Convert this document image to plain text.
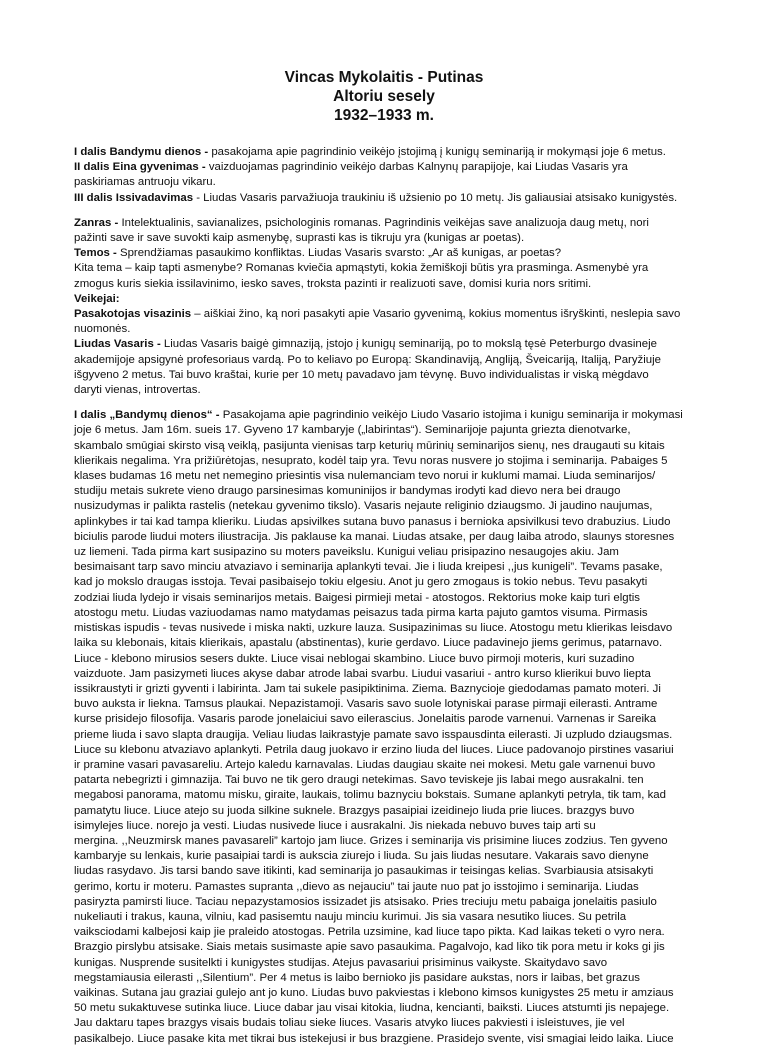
Vincas Mykolaitis - Putinas
Altoriu sesely
1932–1933 m.
I dalis Bandymu dienos - pasakojama apie pagrindinio veikėjo įstojimą į kunigų seminariją ir mokymąsi joje 6 metus.
II dalis Eina gyvenimas - vaizduojamas pagrindinio veikėjo darbas Kalnynų parapijoje, kai Liudas Vasaris yra
paskiriamas antruoju vikaru.
III dalis Issivadavimas - Liudas Vasaris parvažiuoja traukiniu iš užsienio po 10 metų. Jis galiausiai atsisako kunigystės.
Zanras - Intelektualinis, savianalizes, psichologinis romanas. Pagrindinis veikėjas save analizuoja daug metų, nori
pažinti save ir save suvokti kaip asmenybę, suprasti kas is tikruju yra (kunigas ar poetas).
Temos - Sprendžiamas pasaukimo konfliktas. Liudas Vasaris svarsto: „Ar aš kunigas, ar poetas?
Kita tema – kaip tapti asmenybe? Romanas kviečia apmąstyti, kokia žemiškoji būtis yra prasminga. Asmenybė yra
zmogus kuris siekia issilavinimo, iesko saves, troksta pazinti ir realizuoti save, domisi kuria nors sritimi.
Veikejai:
Pasakotojas visazinis – aiškiai žino, ką nori pasakyti apie Vasario gyvenimą, kokius momentus išryškinti, neslepia savo
nuomonės.
Liudas Vasaris - Liudas Vasaris baigė gimnaziją, įstojo į kunigų seminariją, po to mokslą tęsė Peterburgo dvasineje
akademijoje apsigynė profesoriaus vardą. Po to keliavo po Europą: Skandinaviją, Angliją, Šveicariją, Italiją, Paryžiuje
išgyveno 2 metus. Tai buvo kraštai, kurie per 10 metų pavadavo jam tėvynę. Buvo individualistas ir viską mėgdavo
daryti vienas, introvertas.
I dalis „Bandymų dienos“ - Pasakojama apie pagrindinio veikėjo Liudo Vasario istojima i kunigu seminarija ir mokymasi
joje 6 metus. Jam 16m. sueis 17. Gyveno 17 kambaryje („labirintas“). Seminarijoje pajunta griezta dienotvarke,
skambalo smūgiai skirsto visą veiklą, pasijunta vienisas tarp keturių mūrinių seminarijos sienų, nes draugauti su kitais
klierikais negalima. Yra prižiūrėtojas, nesuprato, kodėl taip yra. Tevu noras nusvere jo stojima i seminarija. Pabaiges 5
klases budamas 16 metu net nemegino priesintis visa nulemanciam tevo norui ir kuklumi mamai. Liuda seminarijos/
studiju metais sukrete vieno draugo parsinesimas komuninijos ir bandymas irodyti kad dievo nera bei draugo
nusizudymas ir palikta rastelis (netekau gyvenimo tikslo). Vasaris nejaute religinio dziaugsmo. Ji jaudino naujumas,
aplinkybes ir tai kad tampa klieriku. Liudas apsivilkes sutana buvo panasus i bernioka apsivilkusi tevo drabuzius. Liudo
biciulis parode liudui moters iliustracija. Jis paklause ka manai. Liudas atsake, per daug laiba atrodo, slaunys storesnes
uz liemeni. Tada pirma kart susipazino su moters paveikslu. Kunigui veliau prisipazino nesaugojes akiu. Jam
besimaisant tarp savo minciu atvaziavo i seminarija aplankyti tevai. Jie i liuda kreipesi ,,jus kunigeli”. Tevams pasake,
kad jo mokslo draugas isstoja. Tevai pasibaisejo tokiu elgesiu. Anot ju gero zmogaus is tokio nebus. Tevu pasakyti
zodziai liuda lydejo ir visais seminarijos metais. Baigesi pirmieji metai - atostogos. Rektorius moke kaip turi elgtis
atostogu metu. Liudas vaziuodamas namo matydamas peisazus tada pirma karta pajuto gamtos visuma. Pirmasis
mistiskas ispudis - tevas nusivede i miska nakti, uzkure lauza. Susipazinimas su liuce. Atostogu metu klierikas leisdavo
laika su klebonais, kitais klierikais, apastalu (abstinentas), kurie gerdavo. Liuce padavinejo jiems gerimus, patarnavo.
Liuce - klebono mirusios sesers dukte. Liuce visai neblogai skambino. Liuce buvo pirmoji moteris, kuri suzadino
vaizduote. Jam pasizymeti liuces akyse dabar atrode labai svarbu. Liudui vasariui - antro kurso klierikui buvo liepta
issikraustyti ir grizti gyventi i labirinta. Jam tai sukele pasipiktinima. Ziema. Baznycioje giedodamas pamato moteri. Ji
buvo auksta ir liekna. Tamsus plaukai. Nepazistamoji. Vasaris savo suole lotyniskai parase pirmaji eilerasti. Antrame
kurse prisidejo filosofija. Vasaris parode jonelaiciui savo eilerascius. Jonelaitis parode varnenui. Varnenas ir Sareika
prieme liuda i savo slapta draugija. Veliau liudas laikrastyje pamate savo isspausdinta eilerasti. Ji uzpludo dziaugsmas.
Liuce su klebonu atvaziavo aplankyti. Petrila daug juokavo ir erzino liuda del liuces. Liuce padovanojo pirstines vasariui
ir pramine vasari pavasareliu. Artejo kaledu karnavalas. Liudas daugiau skaite nei mokesi. Metu gale varnenui buvo
patarta nebegrizti i gimnazija. Tai buvo ne tik gero draugi netekimas. Savo teviskeje jis labai mego ausrakalni. ten
megabosi panorama, matomu misku, giraite, laukais, tolimu baznyciu bokstais. Sumane aplankyti petryla, tik tam, kad
pamatytu liuce. Liuce atejo su juoda silkine suknele. Brazgys pasaipiai izeidinejo liuda prie liuces. brazgys buvo
isimylejes liuce. norejo ja vesti. Liudas nusivede liuce i ausrakalni. Jis niekada nebuvo buves taip arti su
mergina. ,,Neuzmirsk manes pavasareli” kartojo jam liuce. Grizes i seminarija vis prisimine liuces zodzius. Ten gyveno
kambaryje su lenkais, kurie pasaipiai tardi is aukscia ziurejo i liuda. Su jais liudas nesutare. Vakarais savo dienyne
liudas rasydavo. Jis tarsi bando save itikinti, kad seminarija jo pasaukimas ir teisingas kelias. Svarbiausia atsisakyti
gerimo, kortu ir moteru. Pamastes supranta ,,dievo as nejauciu” tai jaute nuo pat jo isstojimo i seminarija. Liudas
pasiryzta pamirsti liuce. Taciau nepazystamosios issizadet jis atsisako. Pries treciuju metu pabaiga jonelaitis pasiulo
nukeliauti i trakus, kauna, vilniu, kad pasisemtu nauju minciu kurimui. Jis sia vasara nesutiko liuces. Su petrila
vaiksciodami kalbejosi kaip jie praleido atostogas. Petrila uzsimine, kad liuce tapo pikta. Kad laikas teketi o vyro nera.
Brazgio pirslybu atsisake. Siais metais susimaste apie savo pasaukima. Pagalvojo, kad liko tik pora metu ir koks gi jis
kunigas. Nusprende susitelkti i kunigystes studijas. Atejus pavasariui prisiminus vaikyste. Skaitydavo savo
megstamiausia eilerasti ,,Silentium”. Per 4 metus is laibo bernioko jis pasidare aukstas, nors ir laibas, bet grazus
vaikinas. Sutana jau graziai gulejo ant jo kuno. Liudas buvo pakviestas i klebono kimsos kunigystes 25 metu ir amziaus
50 metu sukaktuvese sutinka liuce. Liuce dabar jau visai kitokia, liudna, kencianti, baiksti. Liuces atstumti jis nepajege.
Jau daktaru tapes brazgys visais budais toliau sieke liuces. Vasaris atvyko liuces pakviesti i isleistuves, jie vel
pasikalbejo. Liuce pasake kita met tikrai bus istekejusi ir bus brazgiene. Prasidejo svente, visi smagiai leido laika. Liuce
